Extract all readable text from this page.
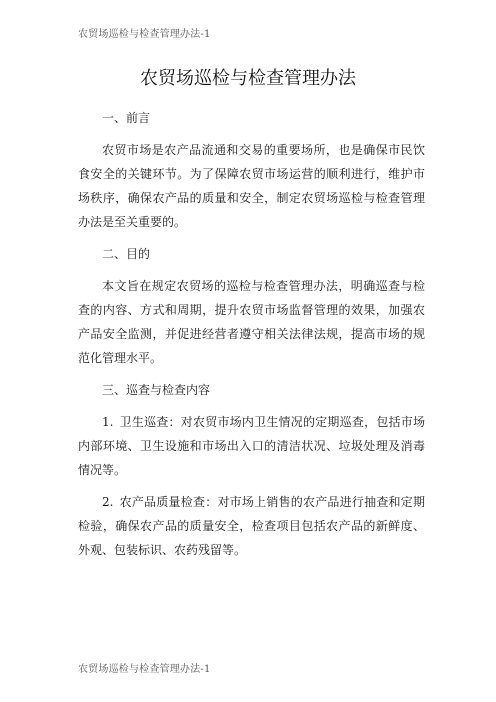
农贸场巡检与检查管理办法-1
农贸场巡检与检查管理办法
一、前言

农贸市场是农产品流通和交易的重要场所，也是确保市民饮食安全的关键环节。为了保障农贸市场运营的顺利进行，维护市场秩序，确保农产品的质量和安全，制定农贸场巡检与检查管理办法是至关重要的。

二、目的

本文旨在规定农贸场的巡检与检查管理办法，明确巡查与检查的内容、方式和周期，提升农贸市场监督管理的效果，加强农产品安全监测，并促进经营者遵守相关法律法规，提高市场的规范化管理水平。

三、巡查与检查内容

1. 卫生巡查：对农贸市场内卫生情况的定期巡查，包括市场内部环境、卫生设施和市场出入口的清洁状况、垃圾处理及消毒情况等。

2. 农产品质量检查：对市场上销售的农产品进行抽查和定期检验，确保农产品的质量安全，检查项目包括农产品的新鲜度、外观、包装标识、农药残留等。

农贸场巡检与检查管理办法-1
